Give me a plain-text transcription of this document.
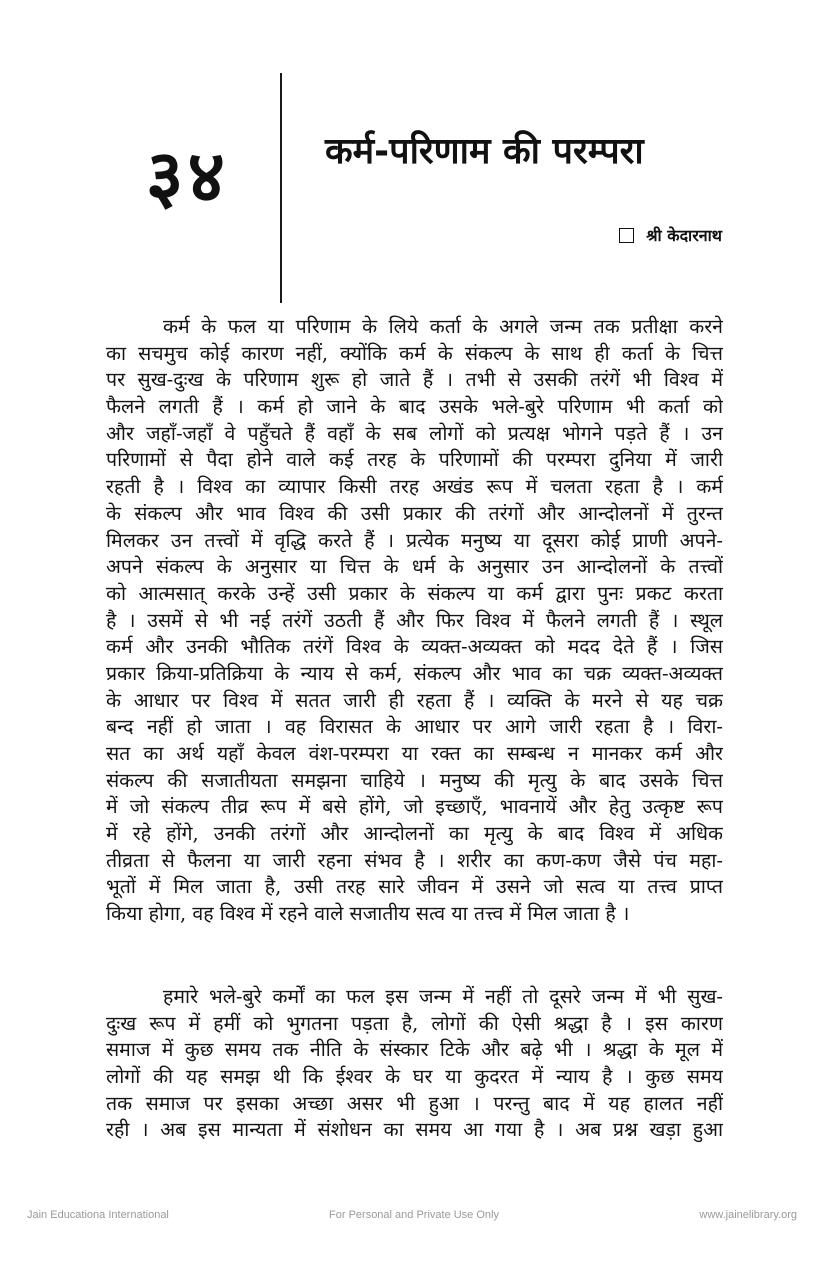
३४	कर्म-परिणाम की परम्परा
श्री केदारनाथ
कर्म के फल या परिणाम के लिये कर्ता के अगले जन्म तक प्रतीक्षा करने
का सचमुच कोई कारण नहीं, क्योंकि कर्म के संकल्प के साथ ही कर्ता के चित्त
पर सुख-दुःख के परिणाम शुरू हो जाते हैं । तभी से उसकी तरंगें भी विश्व में
फैलने लगती हैं । कर्म हो जाने के बाद उसके भले-बुरे परिणाम भी कर्ता को
और जहाँ-जहाँ वे पहुँचते हैं वहाँ के सब लोगों को प्रत्यक्ष भोगने पड़ते हैं । उन
परिणामों से पैदा होने वाले कई तरह के परिणामों की परम्परा दुनिया में जारी
रहती है । विश्व का व्यापार किसी तरह अखंड रूप में चलता रहता है । कर्म
के संकल्प और भाव विश्व की उसी प्रकार की तरंगों और आन्दोलनों में तुरन्त
मिलकर उन तत्त्वों में वृद्धि करते हैं । प्रत्येक मनुष्य या दूसरा कोई प्राणी अपने-
अपने संकल्प के अनुसार या चित्त के धर्म के अनुसार उन आन्दोलनों के तत्त्वों
को आत्मसात् करके उन्हें उसी प्रकार के संकल्प या कर्म द्वारा पुनः प्रकट करता
है । उसमें से भी नई तरंगें उठती हैं और फिर विश्व में फैलने लगती हैं । स्थूल
कर्म और उनकी भौतिक तरंगें विश्व के व्यक्त-अव्यक्त को मदद देते हैं । जिस
प्रकार क्रिया-प्रतिक्रिया के न्याय से कर्म, संकल्प और भाव का चक्र व्यक्त-अव्यक्त
के आधार पर विश्व में सतत जारी ही रहता हैं । व्यक्ति के मरने से यह चक्र
बन्द नहीं हो जाता । वह विरासत के आधार पर आगे जारी रहता है । विरा-
सत का अर्थ यहाँ केवल वंश-परम्परा या रक्त का सम्बन्ध न मानकर कर्म और
संकल्प की सजातीयता समझना चाहिये । मनुष्य की मृत्यु के बाद उसके चित्त
में जो संकल्प तीव्र रूप में बसे होंगे, जो इच्छाएँ, भावनायें और हेतु उत्कृष्ट रूप
में रहे होंगे, उनकी तरंगों और आन्दोलनों का मृत्यु के बाद विश्व में अधिक
तीव्रता से फैलना या जारी रहना संभव है । शरीर का कण-कण जैसे पंच महा-
भूतों में मिल जाता है, उसी तरह सारे जीवन में उसने जो सत्व या तत्त्व प्राप्त
किया होगा, वह विश्व में रहने वाले सजातीय सत्व या तत्त्व में मिल जाता है ।
हमारे भले-बुरे कर्मों का फल इस जन्म में नहीं तो दूसरे जन्म में भी सुख-
दुःख रूप में हमीं को भुगतना पड़ता है, लोगों की ऐसी श्रद्धा है । इस कारण
समाज में कुछ समय तक नीति के संस्कार टिके और बढ़े भी । श्रद्धा के मूल में
लोगों की यह समझ थी कि ईश्वर के घर या कुदरत में न्याय है । कुछ समय
तक समाज पर इसका अच्छा असर भी हुआ । परन्तु बाद में यह हालत नहीं
रही । अब इस मान्यता में संशोधन का समय आ गया है । अब प्रश्न खड़ा हुआ
Jain Educationa International	For Personal and Private Use Only	www.jainelibrary.org
